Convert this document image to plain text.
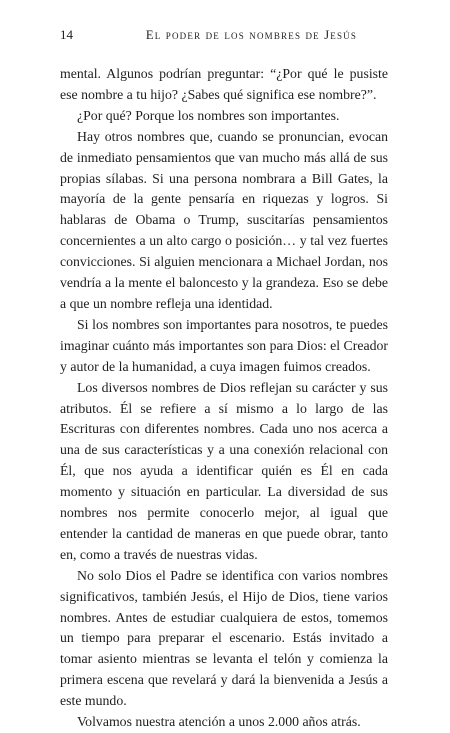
14	El poder de los nombres de Jesús

mental. Algunos podrían preguntar: “¿Por qué le pusiste ese nombre a tu hijo? ¿Sabes qué significa ese nombre?”.

¿Por qué? Porque los nombres son importantes.

Hay otros nombres que, cuando se pronuncian, evocan de inmediato pensamientos que van mucho más allá de sus propias sílabas. Si una persona nombrara a Bill Gates, la mayoría de la gente pensaría en riquezas y logros. Si hablaras de Obama o Trump, suscitarías pensamientos concernientes a un alto cargo o posición… y tal vez fuertes convicciones. Si alguien mencionara a Michael Jordan, nos vendría a la mente el baloncesto y la grandeza. Eso se debe a que un nombre refleja una identidad.

Si los nombres son importantes para nosotros, te puedes imaginar cuánto más importantes son para Dios: el Creador y autor de la humanidad, a cuya imagen fuimos creados.

Los diversos nombres de Dios reflejan su carácter y sus atributos. Él se refiere a sí mismo a lo largo de las Escrituras con diferentes nombres. Cada uno nos acerca a una de sus características y a una conexión relacional con Él, que nos ayuda a identificar quién es Él en cada momento y situación en particular. La diversidad de sus nombres nos permite conocerlo mejor, al igual que entender la cantidad de maneras en que puede obrar, tanto en, como a través de nuestras vidas.

No solo Dios el Padre se identifica con varios nombres significativos, también Jesús, el Hijo de Dios, tiene varios nombres. Antes de estudiar cualquiera de estos, tomemos un tiempo para preparar el escenario. Estás invitado a tomar asiento mientras se levanta el telón y comienza la primera escena que revelará y dará la bienvenida a Jesús a este mundo.

Volvamos nuestra atención a unos 2.000 años atrás.
